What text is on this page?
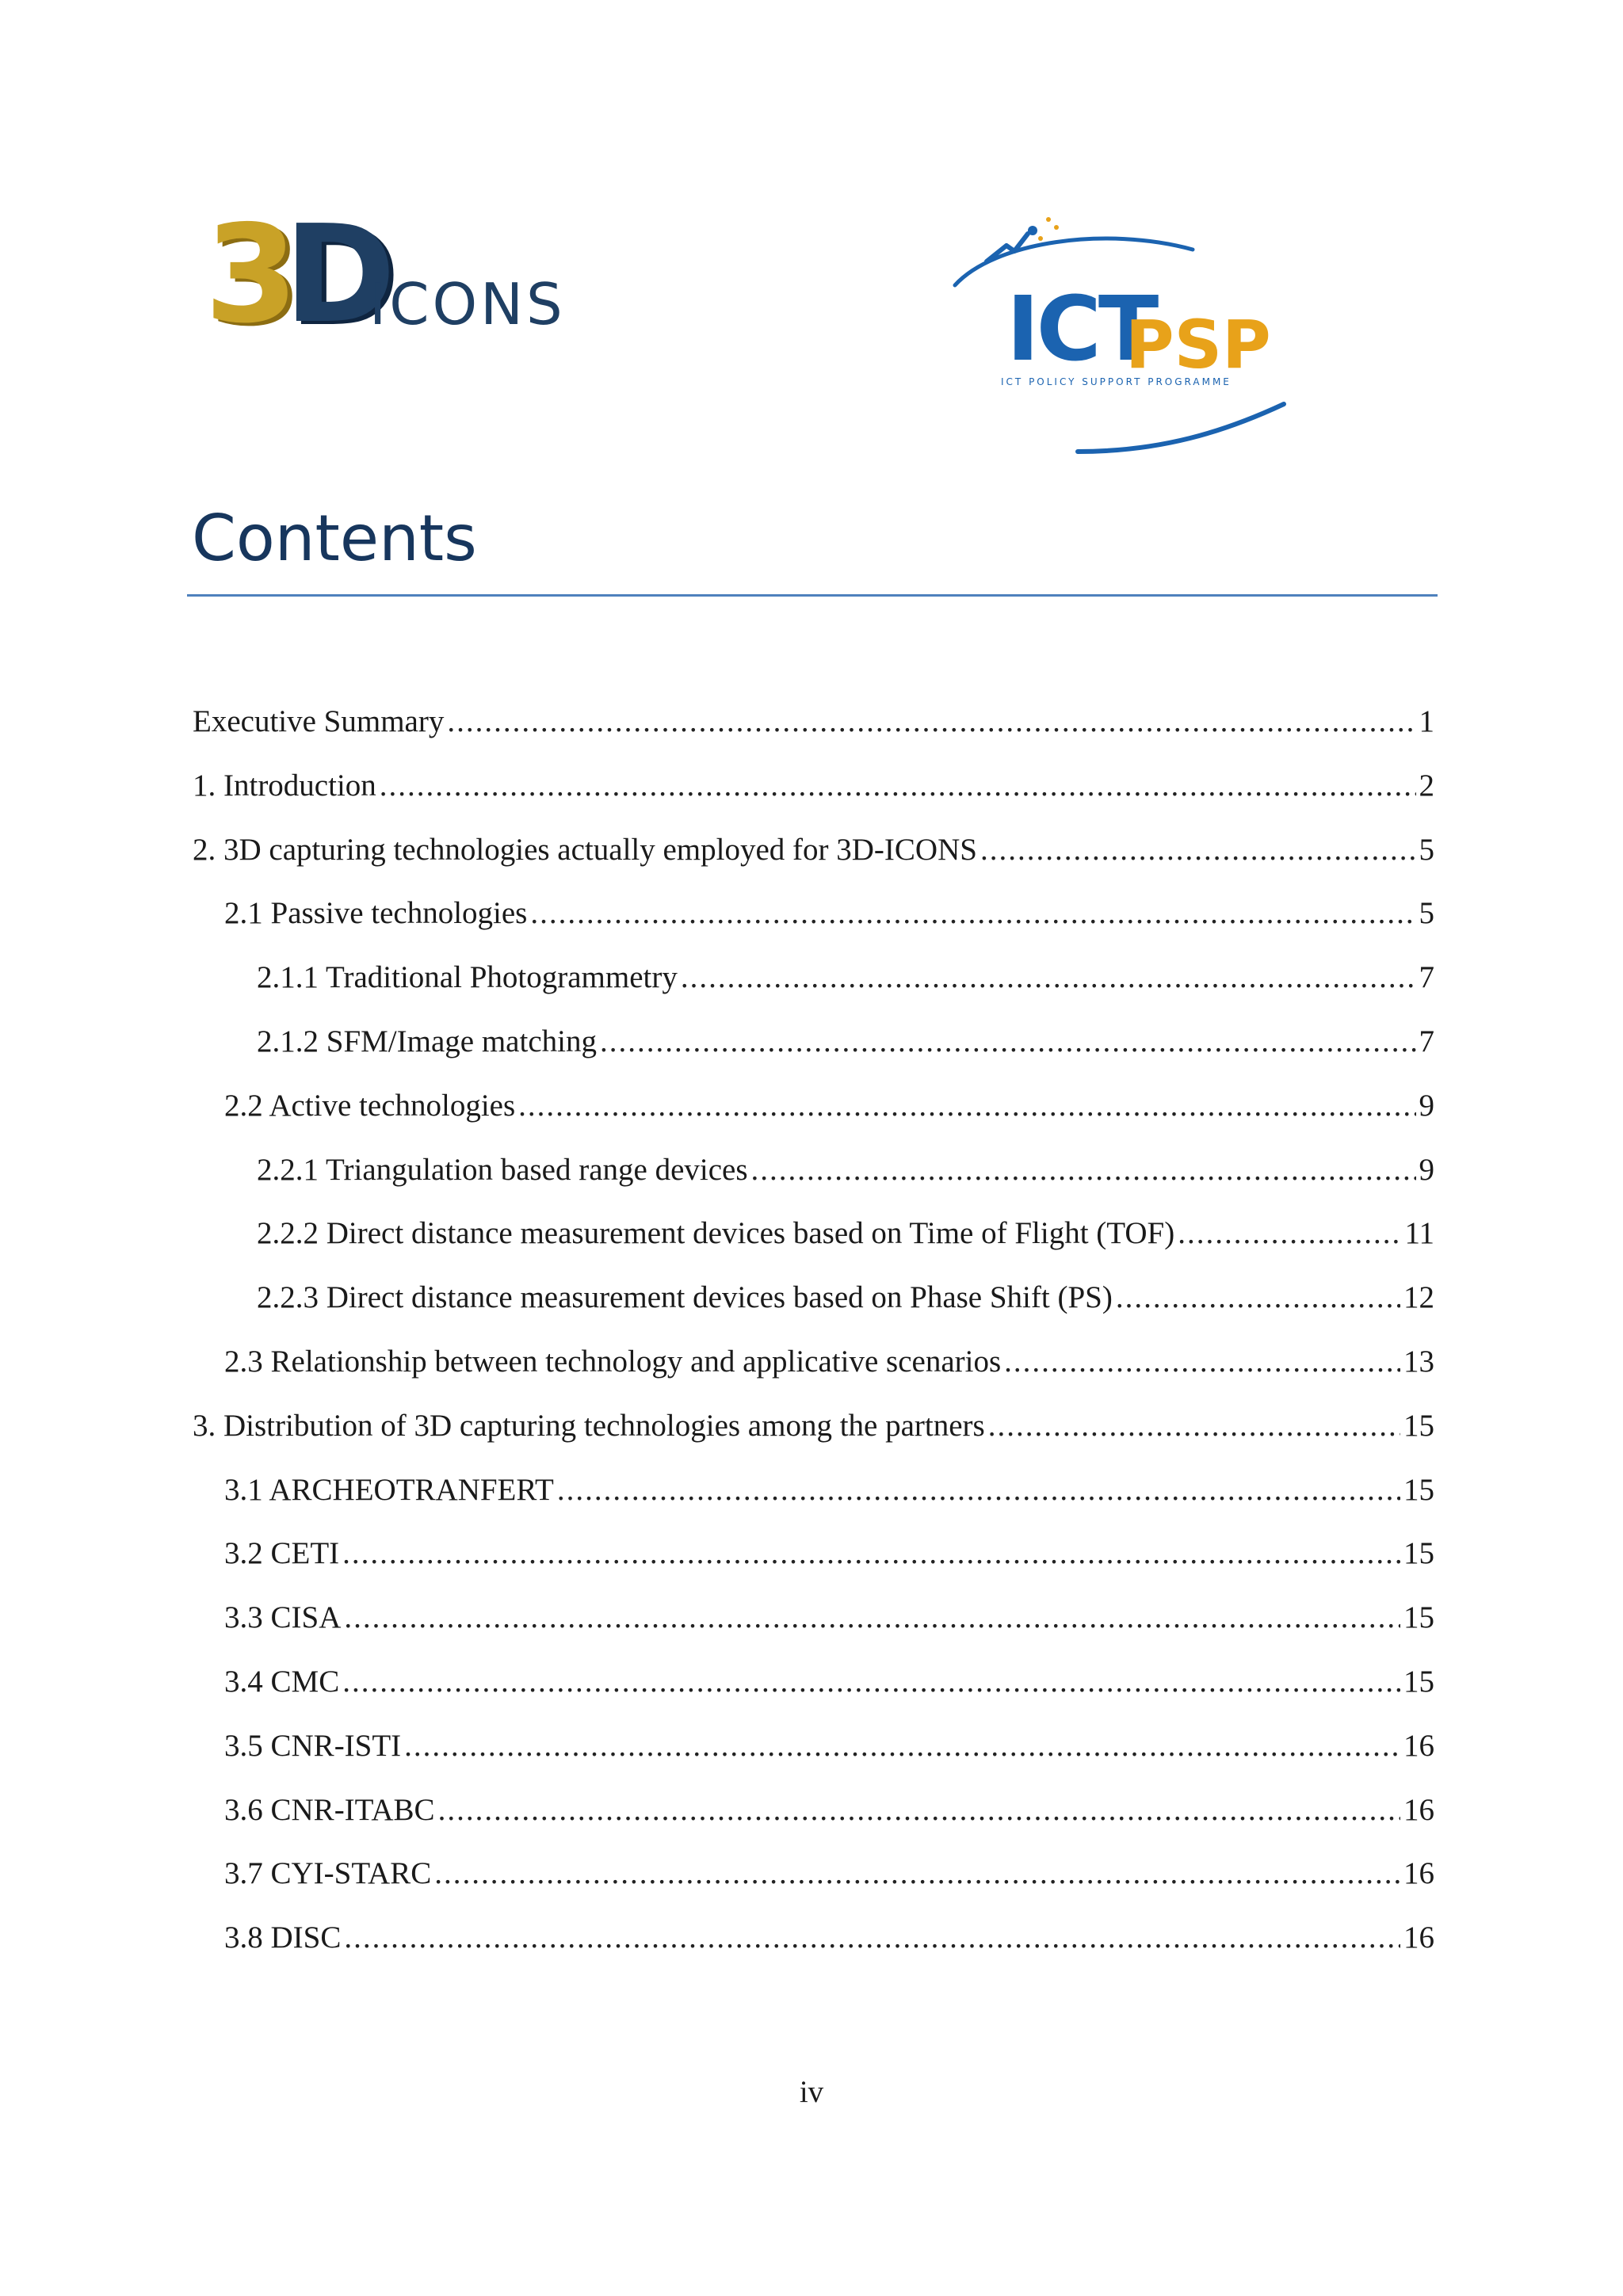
3D
ICONS	ICT
PSP
ICT POLICY SUPPORT PROGRAMME
Contents
Executive Summary .....	1
1. Introduction .....	2
2. 3D capturing technologies actually employed for 3D-ICONS .....	5
2.1 Passive technologies .....	5
2.1.1 Traditional Photogrammetry .....	7
2.1.2 SFM/Image matching .....	7
2.2 Active technologies .....	9
2.2.1 Triangulation based range devices .....	9
2.2.2 Direct distance measurement devices based on Time of Flight (TOF) .....	11
2.2.3 Direct distance measurement devices based on Phase Shift (PS) .....	12
2.3 Relationship between technology and applicative scenarios .....	13
3. Distribution of 3D capturing technologies among the partners .....	15
3.1 ARCHEOTRANFERT .....	15
3.2 CETI .....	15
3.3 CISA .....	15
3.4 CMC .....	15
3.5 CNR-ISTI .....	16
3.6 CNR-ITABC .....	16
3.7 CYI-STARC .....	16
3.8 DISC .....	16
iv
